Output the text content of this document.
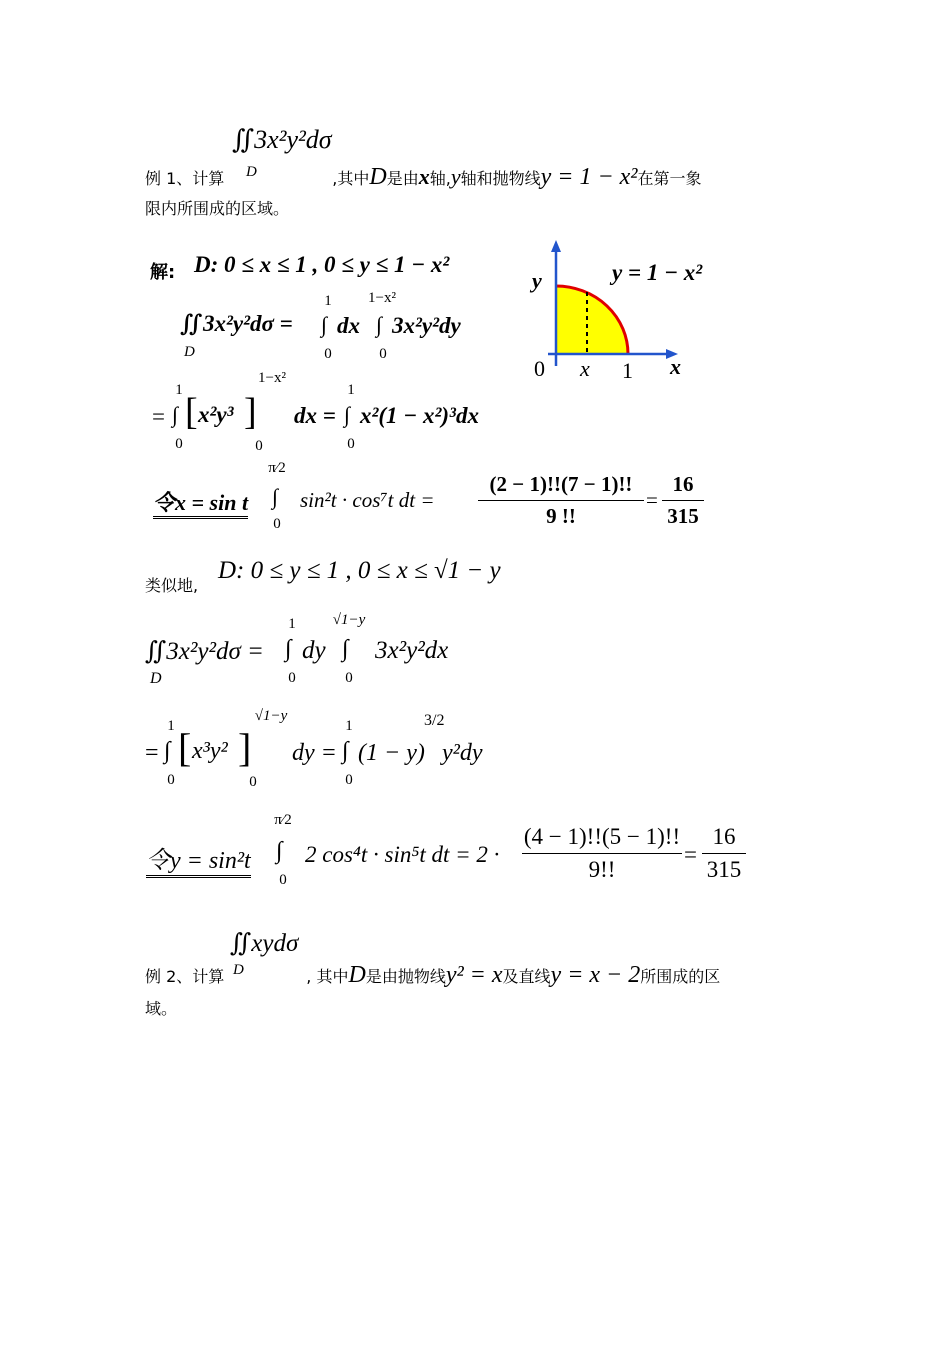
∬3x²y²dσ
D
例 1、计算	,其中 D 是由 x 轴, y 轴和抛物线 y = 1 − x² 在第一象
限内所围成的区域。
解: D: 0 ≤ x ≤ 1 , 0 ≤ y ≤ 1 − x²
∬3x²y²dσ =
D
1
∫
0
dx
1−x²
∫
0
3x²y²dy
=
1
∫
0
[ x²y³ ]
1−x²
0
dx =
1
∫
0
x²(1 − x²)³dx
令x = sin t
π⁄2
∫
0
sin²t · cos⁷t dt =
(2 − 1)!!(7 − 1)!!
9 !!
=
16
315
y
x
0 x 1
y = 1 − x²
类似地,
D: 0 ≤ y ≤ 1 , 0 ≤ x ≤ √1 − y
∬3x²y²dσ =
D
1
∫
0
dy
√1−y
∫
0
3x²y²dx
=
1
∫
0
[ x³y² ]
√1−y
0
dy =
1
∫
0
(1 − y)
3/2
y²dy
令y = sin²t
π⁄2
∫
0
2 cos⁴t · sin⁵t dt = 2 ·
(4 − 1)!!(5 − 1)!!
9!!
=
16
315
∬xydσ
D
例 2、计算	, 其中 D 是由抛物线 y² = x 及直线 y = x − 2 所围成的区
域。
